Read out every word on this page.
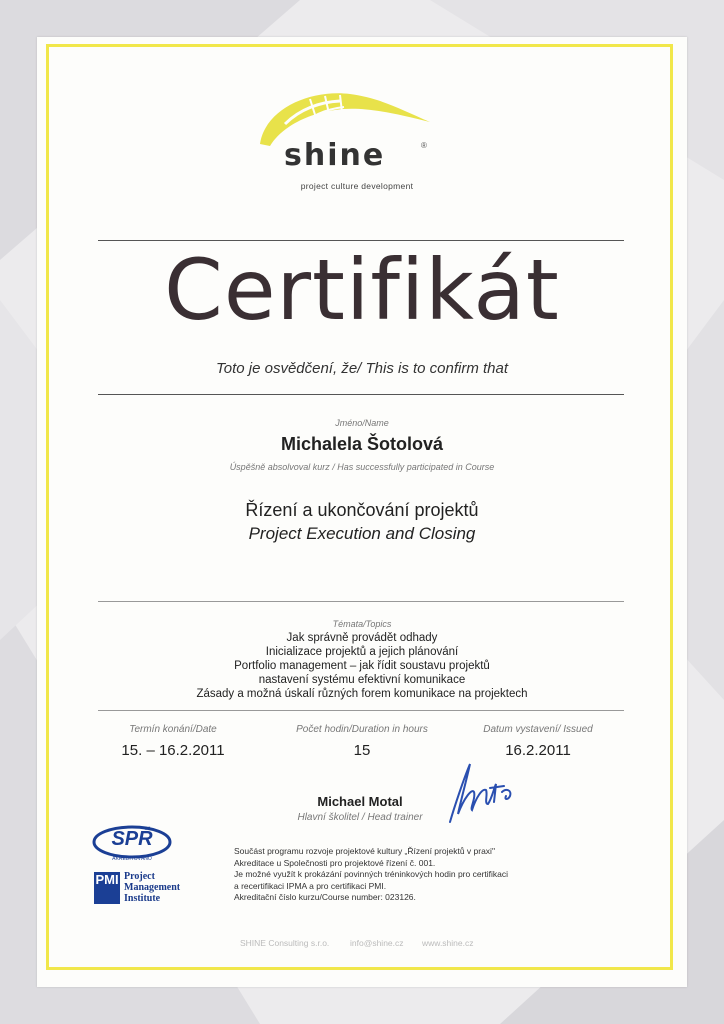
shine	®
project culture development
Certifikát
Toto je osvědčení, že/ This is to confirm that
Jméno/Name
Michalela Šotolová
Úspěšně absolvoval kurz / Has successfully participated in Course
Řízení a ukončování projektů
Project Execution and Closing
Témata/Topics
Jak správně provádět odhady
Inicializace projektů a jejich plánování
Portfolio management – jak řídit soustavu projektů
nastavení systému efektivní komunikace
Zásady a možná úskalí různých forem komunikace na projektech
Termín konání/Date
15. – 16.2.2011
Počet hodin/Duration in hours
15
Datum vystavení/ Issued
16.2.2011
Michael Motal
Hlavní školitel / Head trainer
SPŘ
AKREDITOVÁNO
PMI Project
Management
Institute
Součást programu rozvoje projektové kultury „Řízení projektů v praxi"
Akreditace u Společnosti pro projektové řízení č. 001.
Je možné využít k prokázání povinných tréninkových hodin pro certifikaci
a recertifikaci IPMA a pro certifikaci PMI.
Akreditační číslo kurzu/Course number: 023126.
SHINE Consulting s.r.o. info@shine.cz www.shine.cz
